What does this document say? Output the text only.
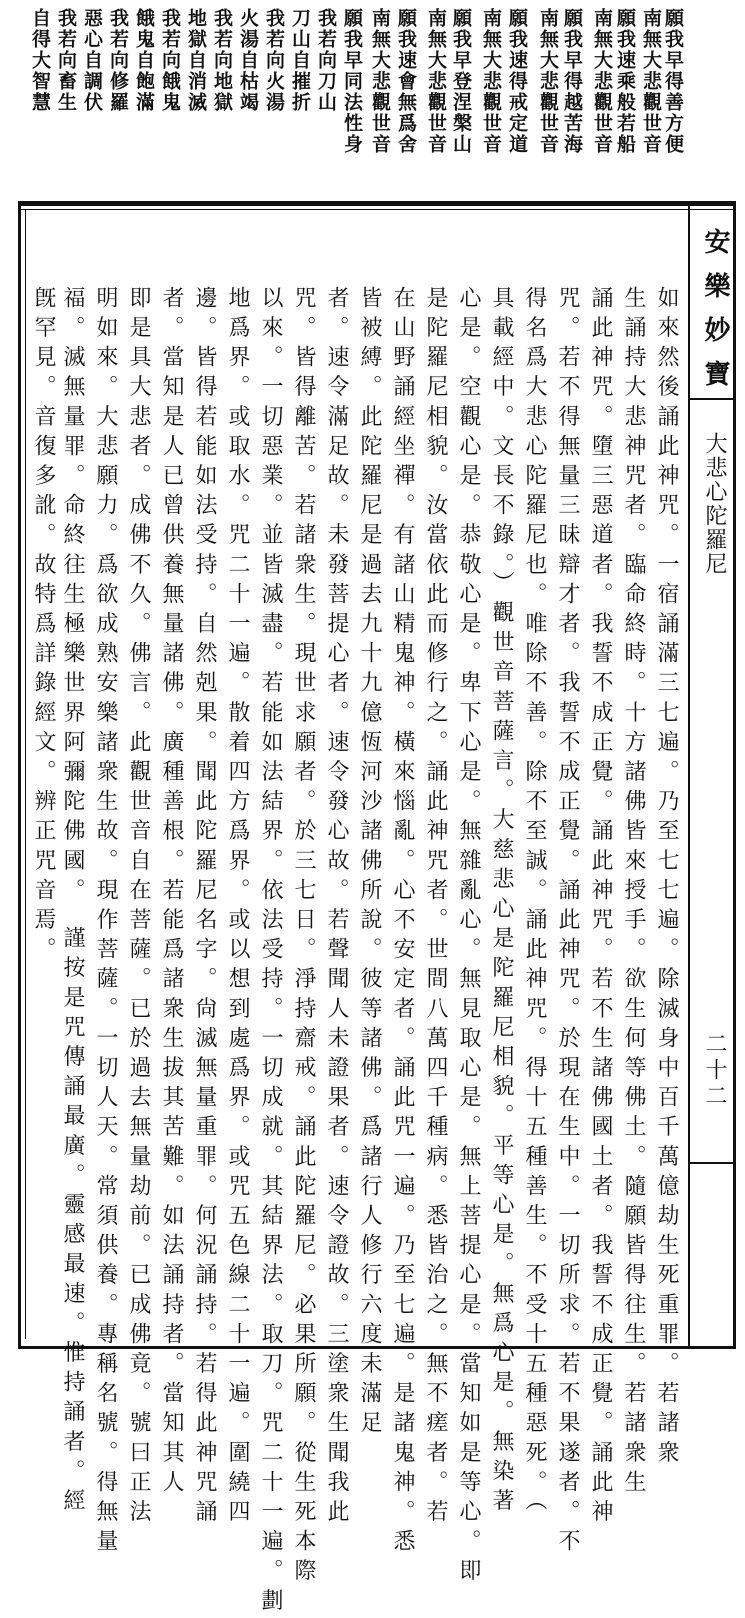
願我早得善方便
南無大悲觀世音
願我速乘般若船
南無大悲觀世音
願我早得越苦海
南無大悲觀世音
願我速得戒定道
南無大悲觀世音
願我早登涅槃山
南無大悲觀世音
願我速會無爲舍
南無大悲觀世音
願我早同法性身
我若向刀山
刀山自摧折
我若向火湯
火湯自枯竭
我若向地獄
地獄自消滅
我若向餓鬼
餓鬼自飽滿
我若向修羅
惡心自調伏
我若向畜生
自得大智慧
安樂妙寶
大悲心陀羅尼
二十二
如來然後誦此神咒。一宿誦滿三七遍。乃至七七遍。除滅身中百千萬億劫生死重罪。若諸衆
生誦持大悲神咒者。臨命終時。十方諸佛皆來授手。欲生何等佛土。隨願皆得往生。若諸衆生
誦此神咒。墮三惡道者。我誓不成正覺。誦此神咒。若不生諸佛國土者。我誓不成正覺。誦此神
咒。若不得無量三昧辯才者。我誓不成正覺。誦此神咒。於現在生中。一切所求。若不果遂者。不
得名爲大悲心陀羅尼也。唯除不善。除不至誠。誦此神咒。得十五種善生。不受十五種惡死。（
具載經中。文長不錄。）觀世音菩薩言。大慈悲心是陀羅尼相貌。平等心是。無爲心是。無染著
心是。空觀心是。恭敬心是。卑下心是。無雜亂心。無見取心是。無上菩提心是。當知如是等心。即
是陀羅尼相貌。汝當依此而修行之。誦此神咒者。世間八萬四千種病。悉皆治之。無不瘥者。若
在山野誦經坐禪。有諸山精鬼神。橫來惱亂。心不安定者。誦此咒一遍。乃至七遍。是諸鬼神。悉
皆被縛。此陀羅尼是過去九十九億恆河沙諸佛所說。彼等諸佛。爲諸行人修行六度未滿足
者。速令滿足故。未發菩提心者。速令發心故。若聲聞人未證果者。速令證故。三塗衆生聞我此
咒。皆得離苦。若諸衆生。現世求願者。於三七日。淨持齋戒。誦此陀羅尼。必果所願。從生死本際
以來。一切惡業。並皆滅盡。若能如法結界。依法受持。一切成就。其結界法。取刀。咒二十一遍。劃
地爲界。或取水。咒二十一遍。散着四方爲界。或以想到處爲界。或咒五色線二十一遍。圍繞四
邊。皆得若能如法受持。自然剋果。聞此陀羅尼名字。尙滅無量重罪。何況誦持。若得此神咒誦
者。當知是人已曾供養無量諸佛。廣種善根。若能爲諸衆生拔其苦難。如法誦持者。當知其人
即是具大悲者。成佛不久。佛言。此觀世音自在菩薩。已於過去無量劫前。已成佛竟。號曰正法
明如來。大悲願力。爲欲成熟安樂諸衆生故。現作菩薩。一切人天。常須供養。專稱名號。得無量
福。滅無量罪。命終往生極樂世界阿彌陀佛國。　謹按是咒傳誦最廣。靈感最速。惟持誦者。經
旣罕見。音復多訛。故特爲詳錄經文。辨正咒音焉。
